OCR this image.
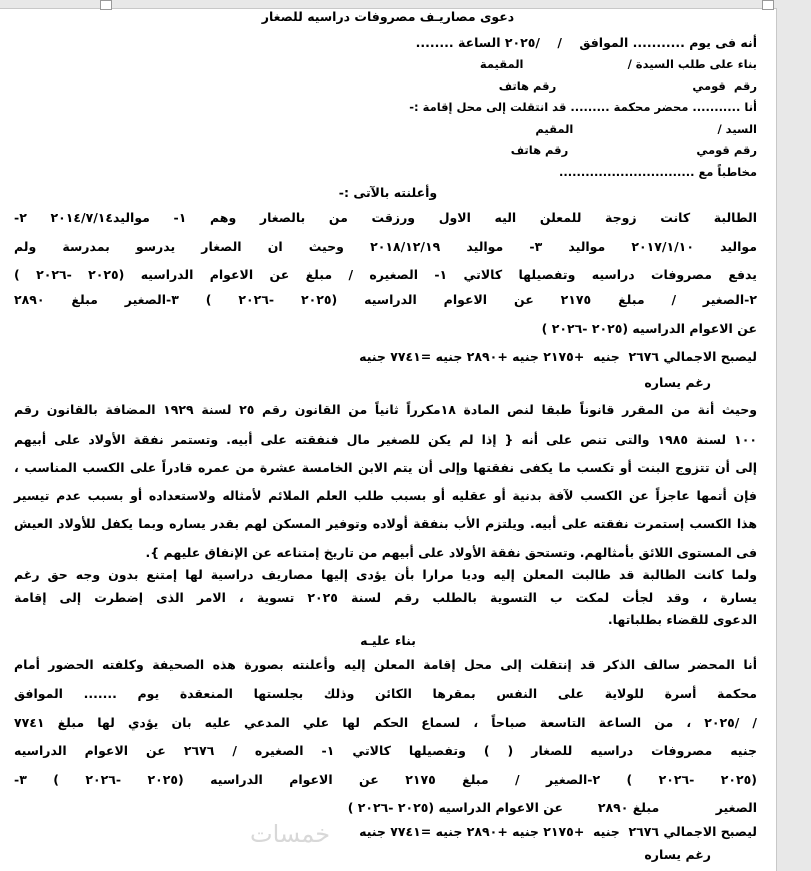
دعوى مصاريـف مصروفات دراسيه للصغار
أنه فى يوم ........... الموافق    /    /٢٠٢٥ الساعة ........
بناء على طلب السيدة /                          المقيمة
رقم  قومي                                  رقم هاتف
أنا ........... محضر محكمة ......... قد انتقلت إلى محل إقامة :-
السيد /                                    المقيم
رقم قومي                                رقم هاتف
مخاطباً مع ...............................
وأعلنته بالآتى :-
الطالبة كانت زوجة للمعلن اليه الاول ورزقت من بالصغار وهم ١- مواليد٢٠١٤/٧/١٤ ٢-
مواليد ٢٠١٧/١/١٠ مواليد ٣- مواليد ٢٠١٨/١٢/١٩ وحيث ان الصغار يدرسو بمدرسة ولم
يدفع مصروفات دراسيه وتفصيلها كالاتي ١- الصغيره / مبلغ عن الاعوام الدراسيه (٢٠٢٥ -٢٠٢٦ )
٢-الصغير / مبلغ ٢١٧٥ عن الاعوام الدراسيه (٢٠٢٥ -٢٠٢٦ ) ٣-الصغير مبلغ ٢٨٩٠
عن الاعوام الدراسيه (٢٠٢٥ -٢٠٢٦ )
ليصبح الاجمالي ٢٦٧٦  جنيه  +٢١٧٥ جنيه +٢٨٩٠ جنيه =٧٧٤١ جنيه
رغم يساره
وحيث أنة من المقرر قانوناً طبقا لنص المادة ١٨مكرراً ثانياً من القانون رقم ٢٥ لسنة ١٩٢٩ المضافة بالقانون رقم
١٠٠ لسنة ١٩٨٥ والتى تنص على أنه { إذا لم يكن للصغير مال فنفقته على أبيه. وتستمر نفقة الأولاد على أبيهم
إلى أن تتزوج البنت أو تكسب ما يكفى نفقتها وإلى أن يتم الابن الخامسة عشرة من عمره قادراً على الكسب المناسب ،
فإن أتمها عاجزاً عن الكسب لآفة بدنية أو عقليه أو بسبب طلب العلم الملائم لأمثاله ولاستعداده أو بسبب عدم تيسير
هذا الكسب إستمرت نفقته على أبيه. ويلتزم الأب بنفقة أولاده وتوفير المسكن لهم بقدر يساره وبما يكفل للأولاد العيش
فى المستوى اللائق بأمثالهم. وتستحق نفقة الأولاد على أبيهم من تاريخ إمتناعه عن الإنفاق عليهم }.
ولما كانت الطالبة قد طالبت المعلن إليه وديا مرارا بأن يؤدى إليها مصاريف دراسية لها إمتنع بدون وجه حق رغم
يسارة ، وقد لجأت لمكت ب التسوية بالطلب رقم لسنة ٢٠٢٥ تسوية ، الامر الذى إضطرت إلى إقامة
الدعوى للقضاء بطلباتها.
بناء عليـه
أنا المحضر سالف الذكر قد إنتقلت إلى محل إقامة المعلن إليه وأعلنته بصورة هذه الصحيفة وكلفته الحضور أمام
محكمة أسرة للولاية على النفس بمقرها الكائن وذلك بجلستها المنعقدة يوم ....... الموافق
/ /٢٠٢٥ ، من الساعة التاسعة صباحاً ، لسماع الحكم لها علي المدعي عليه بان يؤدي لها مبلغ ٧٧٤١
جنيه مصروفات دراسيه للصغار ( ) وتفصيلها كالاتي ١- الصغيره / ٢٦٧٦ عن الاعوام الدراسيه
(٢٠٢٥ -٢٠٢٦ ) ٢-الصغير / مبلغ ٢١٧٥ عن الاعوام الدراسيه (٢٠٢٥ -٢٠٢٦ ) ٣-
الصغير             مبلغ ٢٨٩٠        عن الاعوام الدراسيه (٢٠٢٥ -٢٠٢٦ )
ليصبح الاجمالي ٢٦٧٦  جنيه  +٢١٧٥ جنيه +٢٨٩٠ جنيه =٧٧٤١ جنيه
رغم يساره
خمسات
